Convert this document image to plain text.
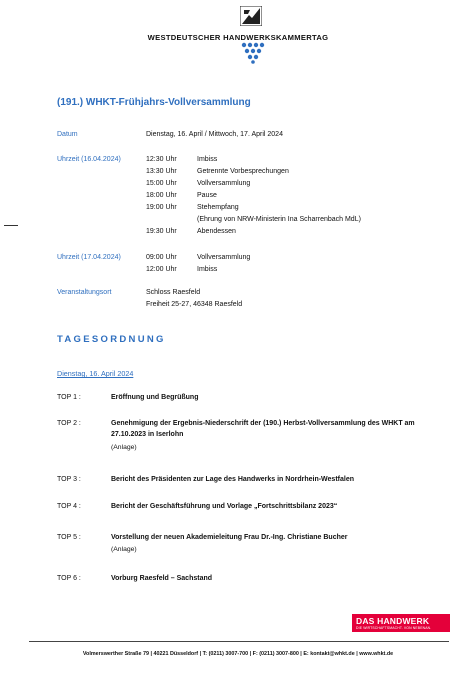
WESTDEUTSCHER HANDWERKSKAMMERTAG
(191.) WHKT-Frühjahrs-Vollversammlung
Datum	Dienstag, 16. April / Mittwoch, 17. April 2024
Uhrzeit (16.04.2024)	12:30 Uhr	Imbiss
13:30 Uhr	Getrennte Vorbesprechungen
15:00 Uhr	Vollversammlung
18:00 Uhr	Pause
19:00 Uhr	Stehempfang
(Ehrung von NRW-Ministerin Ina Scharrenbach MdL)
19:30 Uhr	Abendessen
Uhrzeit (17.04.2024)	09:00 Uhr	Vollversammlung
12:00 Uhr	Imbiss
Veranstaltungsort	Schloss Raesfeld
Freiheit 25-27, 46348 Raesfeld
TAGESORDNUNG
Dienstag, 16. April 2024
TOP 1 :	Eröffnung und Begrüßung
TOP 2 :	Genehmigung der Ergebnis-Niederschrift der (190.) Herbst-Vollversammlung des WHKT am 27.10.2023 in Iserlohn
(Anlage)
TOP 3 :	Bericht des Präsidenten zur Lage des Handwerks in Nordrhein-Westfalen
TOP 4 :	Bericht der Geschäftsführung und Vorlage „Fortschrittsbilanz 2023“
TOP 5 :	Vorstellung der neuen Akademieleitung Frau Dr.-Ing. Christiane Bucher
(Anlage)
TOP 6 :	Vorburg Raesfeld – Sachstand
DAS HANDWERK
DIE WIRTSCHAFTSMACHT. VON NEBENAN.
Volmerswerther Straße 79 | 40221 Düsseldorf | T: (0211) 3007-700 | F: (0211) 3007-800 | E: kontakt@whkt.de | www.whkt.de
